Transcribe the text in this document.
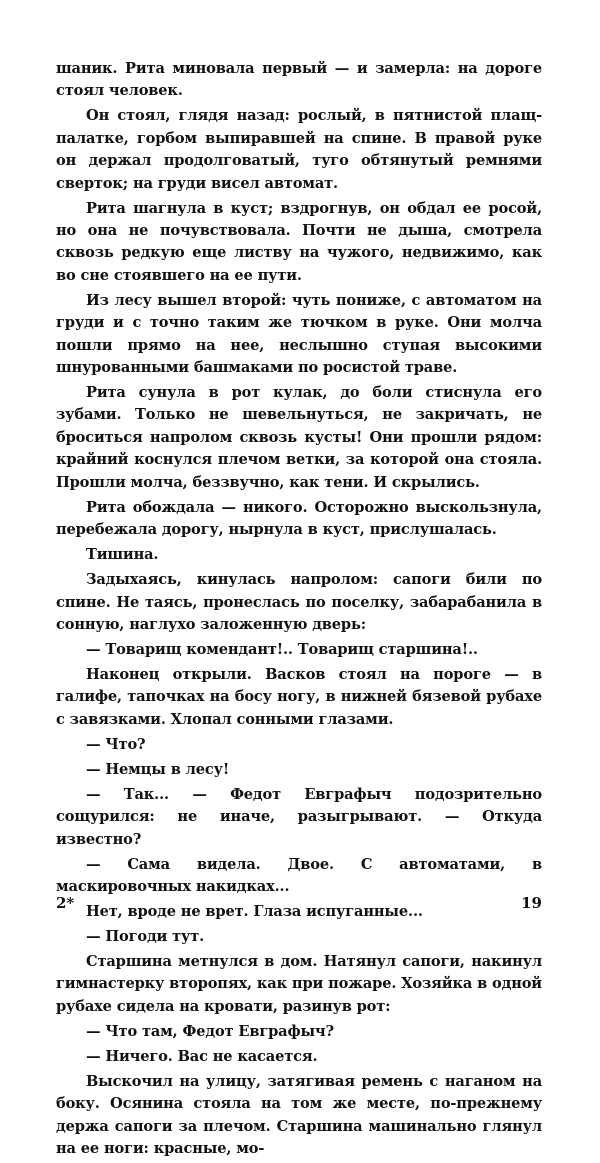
шаник. Рита миновала первый — и замерла: на дороге стоял человек.

Он стоял, глядя назад: рослый, в пятнистой плащ-палатке, горбом выпиравшей на спине. В правой руке он держал продолговатый, туго обтянутый ремнями сверток; на груди висел автомат.

Рита шагнула в куст; вздрогнув, он обдал ее росой, но она не почувствовала. Почти не дыша, смотрела сквозь редкую еще листву на чужого, недвижимо, как во сне стоявшего на ее пути.

Из лесу вышел второй: чуть пониже, с автоматом на груди и с точно таким же тючком в руке. Они молча пошли прямо на нее, неслышно ступая высокими шнурованными башмаками по росистой траве.

Рита сунула в рот кулак, до боли стиснула его зубами. Только не шевельнуться, не закричать, не броситься напролом сквозь кусты! Они прошли рядом: крайний коснулся плечом ветки, за которой она стояла. Прошли молча, беззвучно, как тени. И скрылись.

Рита обождала — никого. Осторожно выскользнула, перебежала дорогу, нырнула в куст, прислушалась.

Тишина.

Задыхаясь, кинулась напролом: сапоги били по спине. Не таясь, пронеслась по поселку, забарабанила в сонную, наглухо заложенную дверь:

— Товарищ комендант!.. Товарищ старшина!..

Наконец открыли. Васков стоял на пороге — в галифе, тапочках на босу ногу, в нижней бязевой рубахе с завязками. Хлопал сонными глазами.

— Что?

— Немцы в лесу!

— Так... — Федот Евграфыч подозрительно сощурился: не иначе, разыгрывают. — Откуда известно?

— Сама видела. Двое. С автоматами, в маскировочных накидках...

Нет, вроде не врет. Глаза испуганные...

— Погоди тут.

Старшина метнулся в дом. Натянул сапоги, накинул гимнастерку второпях, как при пожаре. Хозяйка в одной рубахе сидела на кровати, разинув рот:

— Что там, Федот Евграфыч?

— Ничего. Вас не касается.

Выскочил на улицу, затягивая ремень с наганом на боку. Осянина стояла на том же месте, по-прежнему держа сапоги за плечом. Старшина машинально глянул на ее ноги: красные, мо-

2*	19
